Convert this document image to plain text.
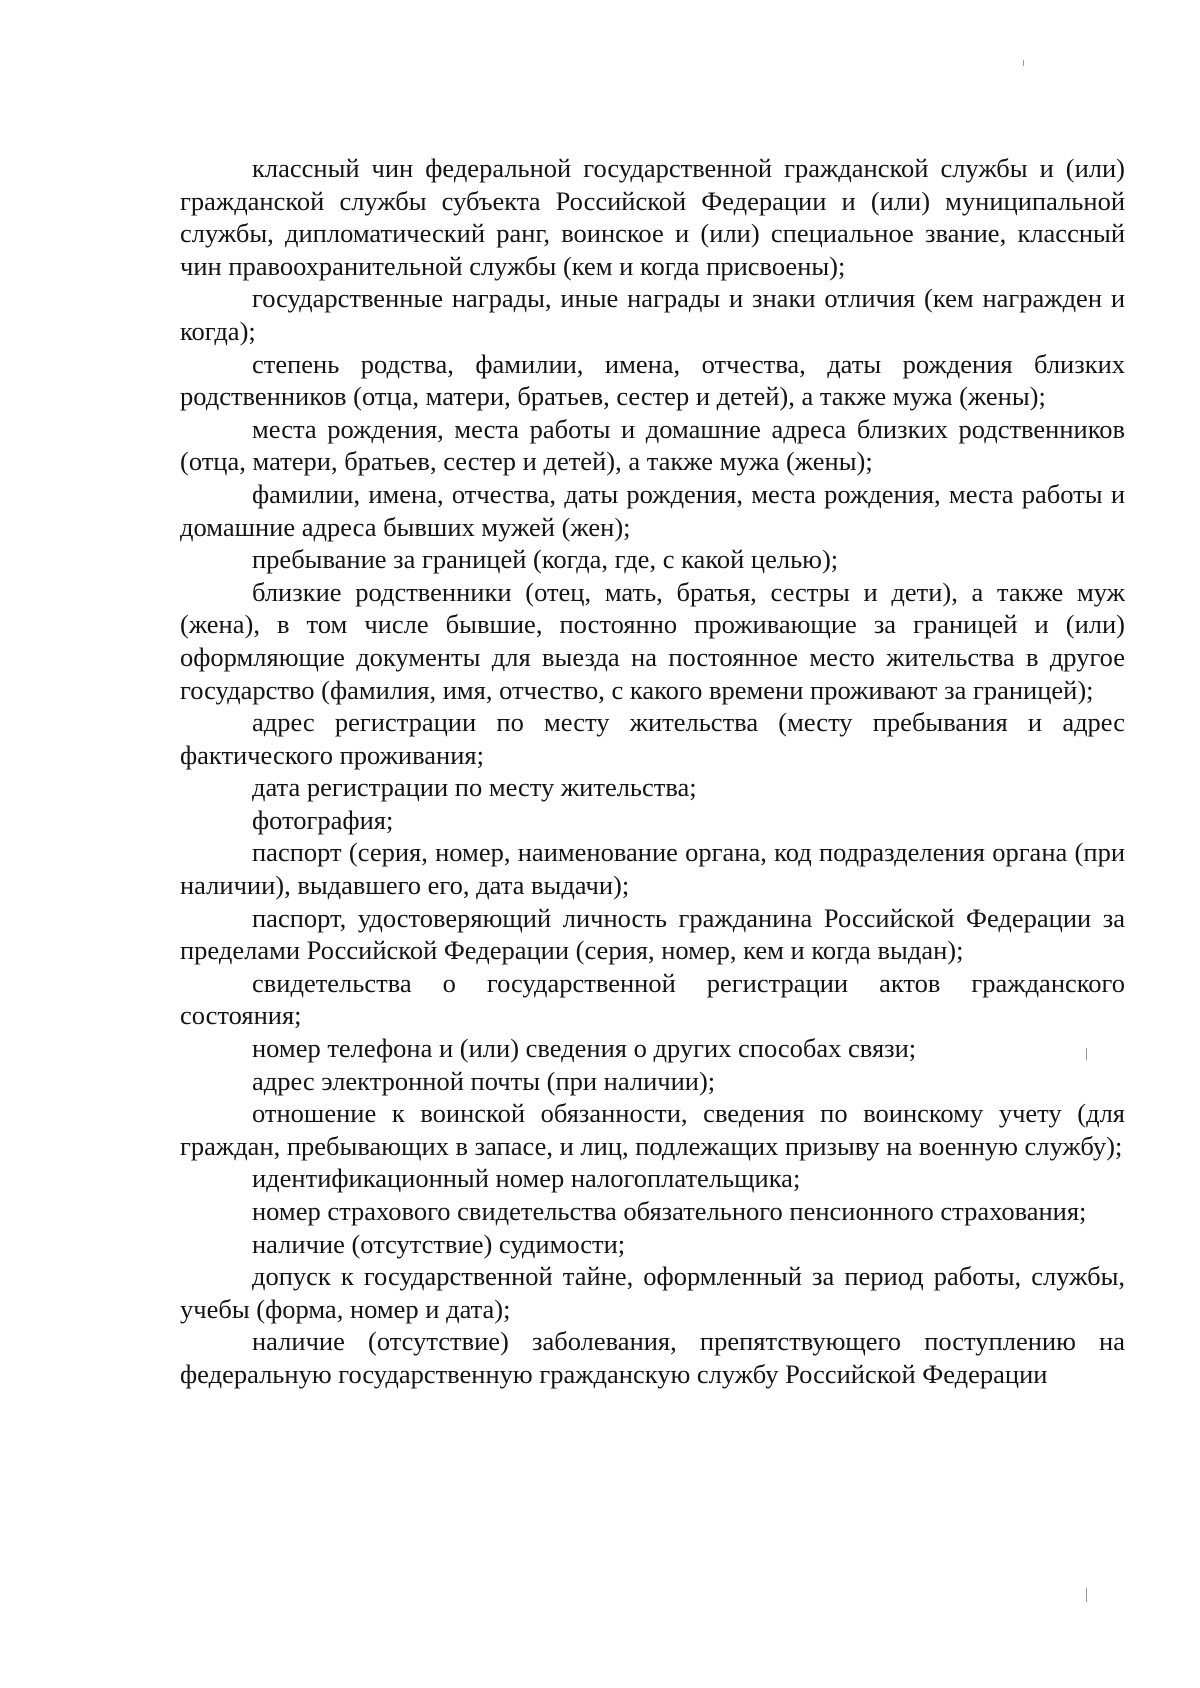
классный чин федеральной государственной гражданской службы и (или) гражданской службы субъекта Российской Федерации и (или) муниципальной службы, дипломатический ранг, воинское и (или) специальное звание, классный чин правоохранительной службы (кем и когда присвоены);

государственные награды, иные награды и знаки отличия (кем награжден и когда);

степень родства, фамилии, имена, отчества, даты рождения близких родственников (отца, матери, братьев, сестер и детей), а также мужа (жены);

места рождения, места работы и домашние адреса близких родственников (отца, матери, братьев, сестер и детей), а также мужа (жены);

фамилии, имена, отчества, даты рождения, места рождения, места работы и домашние адреса бывших мужей (жен);

пребывание за границей (когда, где, с какой целью);

близкие родственники (отец, мать, братья, сестры и дети), а также муж (жена), в том числе бывшие, постоянно проживающие за границей и (или) оформляющие документы для выезда на постоянное место жительства в другое государство (фамилия, имя, отчество, с какого времени проживают за границей);

адрес регистрации по месту жительства (месту пребывания и адрес фактического проживания;

дата регистрации по месту жительства;

фотография;

паспорт (серия, номер, наименование органа, код подразделения органа (при наличии), выдавшего его, дата выдачи);

паспорт, удостоверяющий личность гражданина Российской Федерации за пределами Российской Федерации (серия, номер, кем и когда выдан);

свидетельства о государственной регистрации актов гражданского состояния;

номер телефона и (или) сведения о других способах связи;

адрес электронной почты (при наличии);

отношение к воинской обязанности, сведения по воинскому учету (для граждан, пребывающих в запасе, и лиц, подлежащих призыву на военную службу);

идентификационный номер налогоплательщика;

номер страхового свидетельства обязательного пенсионного страхования;

наличие (отсутствие) судимости;

допуск к государственной тайне, оформленный за период работы, службы, учебы (форма, номер и дата);

наличие (отсутствие) заболевания, препятствующего поступлению на федеральную государственную гражданскую службу Российской Федерации
